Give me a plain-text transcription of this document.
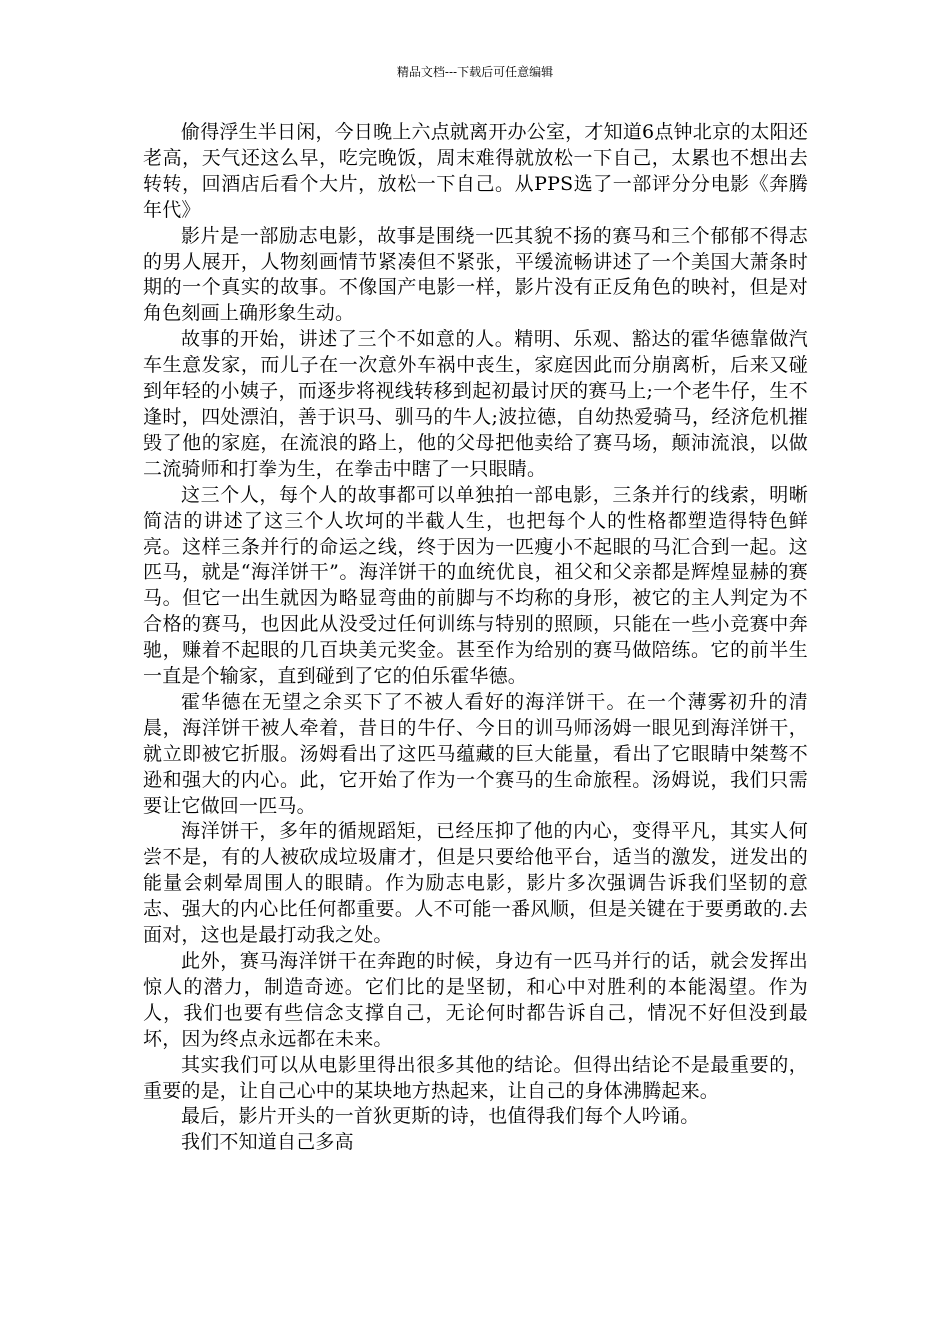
精品文档---下载后可任意编辑

偷得浮生半日闲，今日晚上六点就离开办公室，才知道6点钟北京的太阳还老高，天气还这么早，吃完晚饭，周末难得就放松一下自己，太累也不想出去转转，回酒店后看个大片，放松一下自己。从PPS选了一部评分分电影《奔腾年代》

影片是一部励志电影，故事是围绕一匹其貌不扬的赛马和三个郁郁不得志的男人展开，人物刻画情节紧凑但不紧张，平缓流畅讲述了一个美国大萧条时期的一个真实的故事。不像国产电影一样，影片没有正反角色的映衬，但是对角色刻画上确形象生动。

故事的开始，讲述了三个不如意的人。精明、乐观、豁达的霍华德靠做汽车生意发家，而儿子在一次意外车祸中丧生，家庭因此而分崩离析，后来又碰到年轻的小姨子，而逐步将视线转移到起初最讨厌的赛马上;一个老牛仔，生不逢时，四处漂泊，善于识马、驯马的牛人;波拉德，自幼热爱骑马，经济危机摧毁了他的家庭，在流浪的路上，他的父母把他卖给了赛马场，颠沛流浪，以做二流骑师和打拳为生，在拳击中瞎了一只眼睛。

这三个人，每个人的故事都可以单独拍一部电影，三条并行的线索，明晰简洁的讲述了这三个人坎坷的半截人生，也把每个人的性格都塑造得特色鲜亮。这样三条并行的命运之线，终于因为一匹瘦小不起眼的马汇合到一起。这匹马，就是“海洋饼干”。海洋饼干的血统优良，祖父和父亲都是辉煌显赫的赛马。但它一出生就因为略显弯曲的前脚与不均称的身形，被它的主人判定为不合格的赛马，也因此从没受过任何训练与特别的照顾，只能在一些小竞赛中奔驰，赚着不起眼的几百块美元奖金。甚至作为给别的赛马做陪练。它的前半生一直是个输家，直到碰到了它的伯乐霍华德。

霍华德在无望之余买下了不被人看好的海洋饼干。在一个薄雾初升的清晨，海洋饼干被人牵着，昔日的牛仔、今日的训马师汤姆一眼见到海洋饼干，就立即被它折服。汤姆看出了这匹马蕴藏的巨大能量，看出了它眼睛中桀骜不逊和强大的内心。此，它开始了作为一个赛马的生命旅程。汤姆说，我们只需要让它做回一匹马。

海洋饼干，多年的循规蹈矩，已经压抑了他的内心，变得平凡，其实人何尝不是，有的人被砍成垃圾庸才，但是只要给他平台，适当的激发，迸发出的能量会刺晕周围人的眼睛。作为励志电影，影片多次强调告诉我们坚韧的意志、强大的内心比任何都重要。人不可能一番风顺，但是关键在于要勇敢的.去面对，这也是最打动我之处。

此外，赛马海洋饼干在奔跑的时候，身边有一匹马并行的话，就会发挥出惊人的潜力，制造奇迹。它们比的是坚韧，和心中对胜利的本能渴望。作为人，我们也要有些信念支撑自己，无论何时都告诉自己，情况不好但没到最坏，因为终点永远都在未来。

其实我们可以从电影里得出很多其他的结论。但得出结论不是最重要的，重要的是，让自己心中的某块地方热起来，让自己的身体沸腾起来。

最后，影片开头的一首狄更斯的诗，也值得我们每个人吟诵。

我们不知道自己多高
